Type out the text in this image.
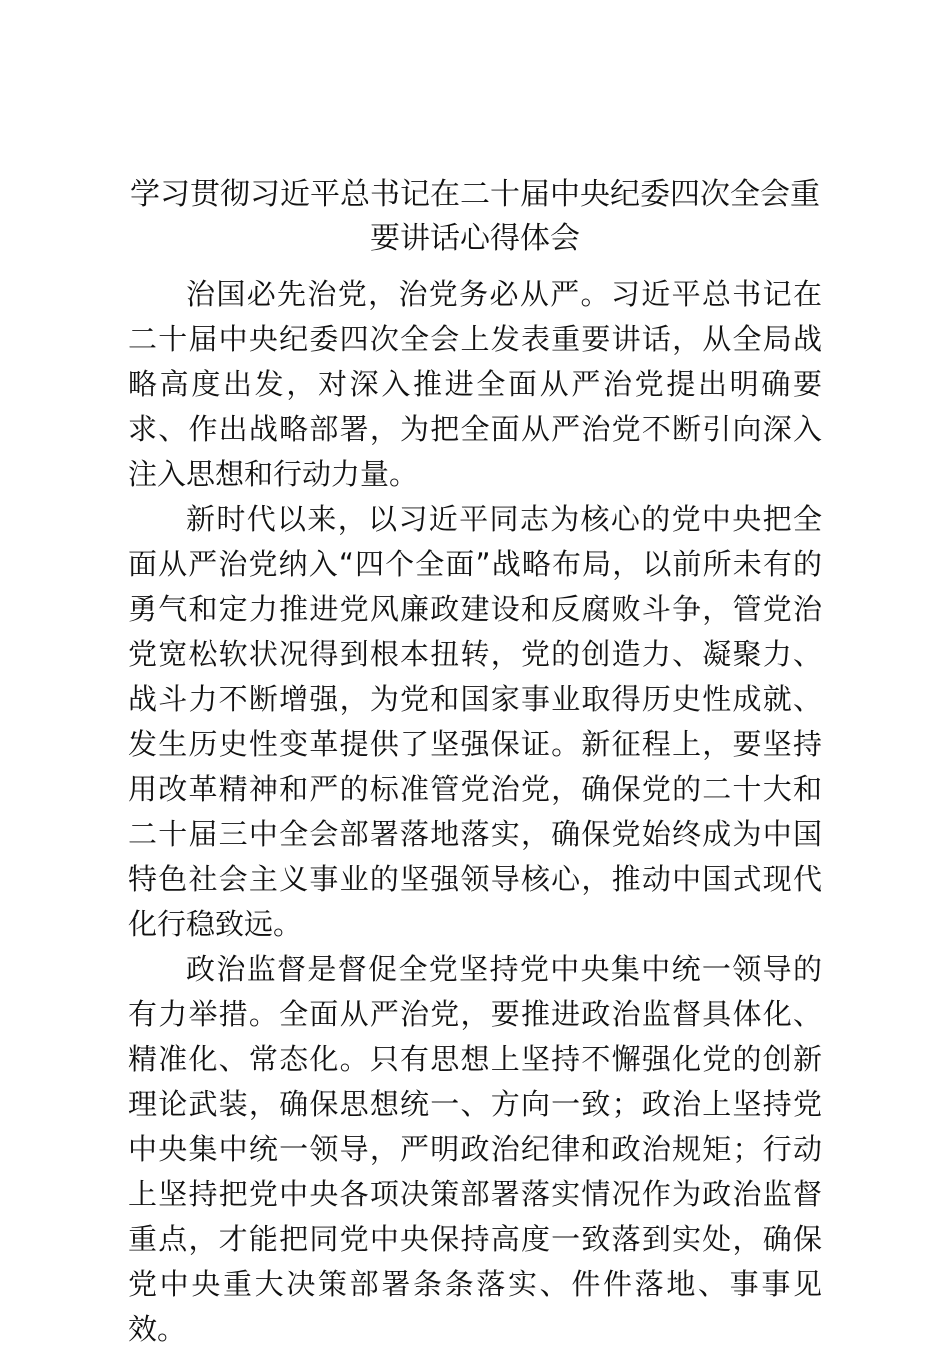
学习贯彻习近平总书记在二十届中央纪委四次全会重要讲话心得体会

治国必先治党，治党务必从严。习近平总书记在二十届中央纪委四次全会上发表重要讲话，从全局战略高度出发，对深入推进全面从严治党提出明确要求、作出战略部署，为把全面从严治党不断引向深入注入思想和行动力量。

新时代以来，以习近平同志为核心的党中央把全面从严治党纳入“四个全面”战略布局，以前所未有的勇气和定力推进党风廉政建设和反腐败斗争，管党治党宽松软状况得到根本扭转，党的创造力、凝聚力、战斗力不断增强，为党和国家事业取得历史性成就、发生历史性变革提供了坚强保证。新征程上，要坚持用改革精神和严的标准管党治党，确保党的二十大和二十届三中全会部署落地落实，确保党始终成为中国特色社会主义事业的坚强领导核心，推动中国式现代化行稳致远。

政治监督是督促全党坚持党中央集中统一领导的有力举措。全面从严治党，要推进政治监督具体化、精准化、常态化。只有思想上坚持不懈强化党的创新理论武装，确保思想统一、方向一致；政治上坚持党中央集中统一领导，严明政治纪律和政治规矩；行动上坚持把党中央各项决策部署落实情况作为政治监督重点，才能把同党中央保持高度一致落到实处，确保党中央重大决策部署条条落实、件件落地、事事见效。
